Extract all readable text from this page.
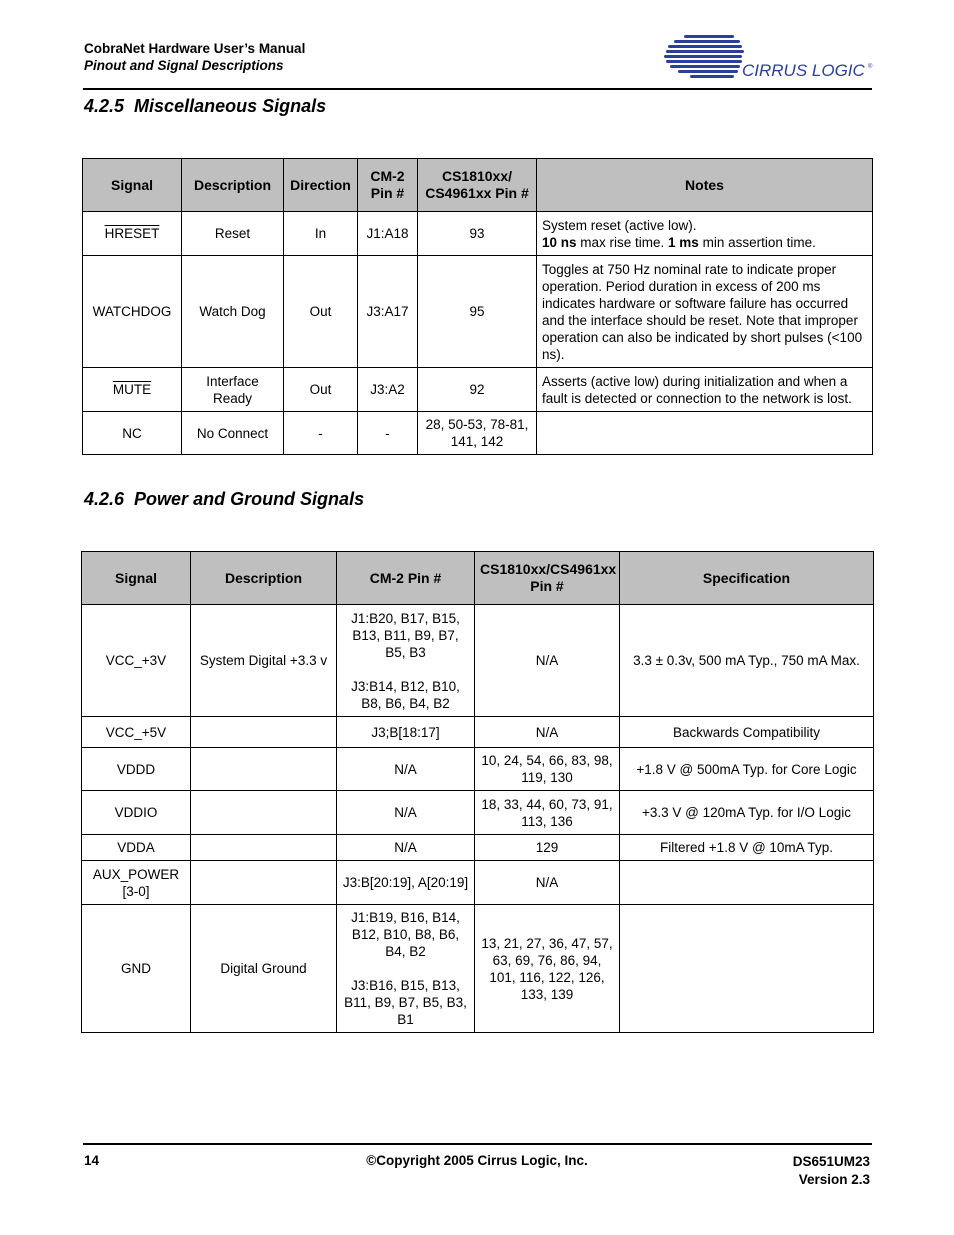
CobraNet Hardware User’s Manual
Pinout and Signal Descriptions	CIRRUS LOGIC ®
4.2.5 Miscellaneous Signals
Signal	Description	Direction	CM-2 Pin #	CS1810xx/ CS4961xx Pin #	Notes
HRESET	Reset	In	J1:A18	93	System reset (active low).
10 ns max rise time. 1 ms min assertion time.

WATCHDOG	Watch Dog	Out	J3:A17	95	Toggles at 750 Hz nominal rate to indicate proper operation. Period duration in excess of 200 ms indicates hardware or software failure has occurred and the interface should be reset. Note that improper operation can also be indicated by short pulses (<100 ns).
MUTE	Interface Ready	Out	J3:A2	92	Asserts (active low) during initialization and when a fault is detected or connection to the network is lost.
NC	No Connect	-	-	28, 50-53, 78-81, 141, 142	
4.2.6 Power and Ground Signals
Signal	Description	CM-2 Pin #	CS1810xx/CS4961xx Pin #	Specification
VCC_+3V	System Digital +3.3 v	J1:B20, B17, B15, B13, B11, B9, B7, B5, B3
J3:B14, B12, B10, B8, B6, B4, B2	N/A	3.3 ± 0.3v, 500 mA Typ., 750 mA Max.
VCC_+5V		J3;B[18:17]	N/A	Backwards Compatibility
VDDD		N/A	10, 24, 54, 66, 83, 98, 119, 130	+1.8 V @ 500mA Typ. for Core Logic
VDDIO		N/A	18, 33, 44, 60, 73, 91, 113, 136	+3.3 V @ 120mA Typ. for I/O Logic
VDDA		N/A	129	Filtered +1.8 V @ 10mA Typ.
AUX_POWER [3-0]		J3:B[20:19], A[20:19]	N/A	
GND	Digital Ground	J1:B19, B16, B14, B12, B10, B8, B6, B4, B2
J3:B16, B15, B13, B11, B9, B7, B5, B3, B1	13, 21, 27, 36, 47, 57, 63, 69, 76, 86, 94, 101, 116, 122, 126, 133, 139	
14	©Copyright 2005 Cirrus Logic, Inc.	DS651UM23
Version 2.3
